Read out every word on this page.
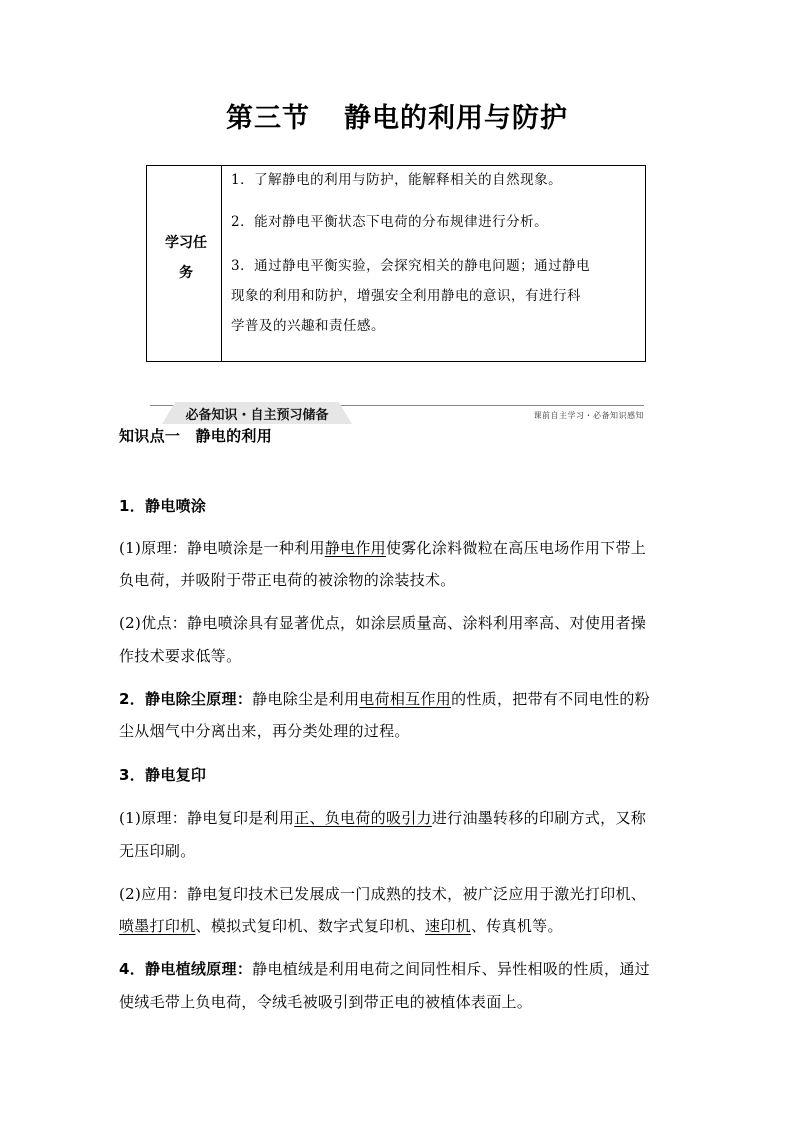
第三节 静电的利用与防护
学习任
务
1．了解静电的利用与防护，能解释相关的自然现象。
2．能对静电平衡状态下电荷的分布规律进行分析。
3．通过静电平衡实验，会探究相关的静电问题；通过静电
现象的利用和防护，增强安全利用静电的意识，有进行科
学普及的兴趣和责任感。
必备知识・自主预习储备	课前自主学习・必备知识感知
知识点一　静电的利用
1．静电喷涂
(1)原理：静电喷涂是一种利用静电作用使雾化涂料微粒在高压电场作用下带上
负电荷，并吸附于带正电荷的被涂物的涂装技术。
(2)优点：静电喷涂具有显著优点，如涂层质量高、涂料利用率高、对使用者操
作技术要求低等。
2．静电除尘原理：静电除尘是利用电荷相互作用的性质，把带有不同电性的粉
尘从烟气中分离出来，再分类处理的过程。
3．静电复印
(1)原理：静电复印是利用正、负电荷的吸引力进行油墨转移的印刷方式，又称
无压印刷。
(2)应用：静电复印技术已发展成一门成熟的技术，被广泛应用于激光打印机、
喷墨打印机、模拟式复印机、数字式复印机、速印机、传真机等。
4．静电植绒原理：静电植绒是利用电荷之间同性相斥、异性相吸的性质，通过
使绒毛带上负电荷，令绒毛被吸引到带正电的被植体表面上。
